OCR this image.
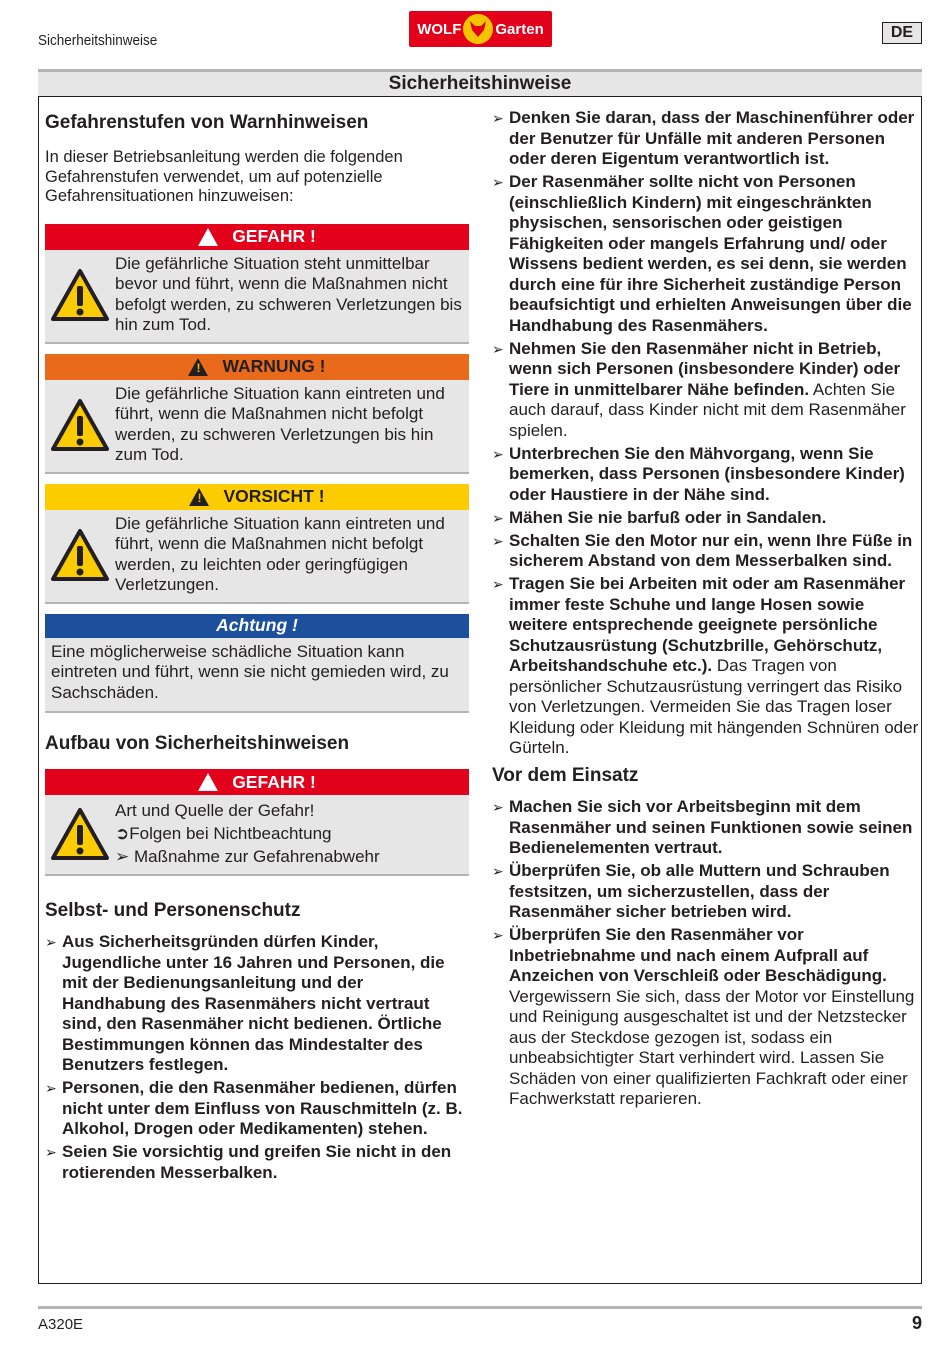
Sicherheitshinweise
WOLF Garten	DE
Sicherheitshinweise
Gefahrenstufen von Warnhinweisen

In dieser Betriebsanleitung werden die folgenden Gefahrenstufen verwendet, um auf potenzielle Gefahrensituationen hinzuweisen:

!
GEFAHR !
Die gefährliche Situation steht unmittelbar bevor und führt, wenn die Maßnahmen nicht befolgt werden, zu schweren Verletzungen bis hin zum Tod.
!
WARNUNG !
Die gefährliche Situation kann eintreten und führt, wenn die Maßnahmen nicht befolgt werden, zu schweren Verletzungen bis hin zum Tod.
!
VORSICHT !
Die gefährliche Situation kann eintreten und führt, wenn die Maßnahmen nicht befolgt werden, zu leichten oder geringfügigen Verletzungen.
Achtung !
Eine möglicherweise schädliche Situation kann eintreten und führt, wenn sie nicht gemieden wird, zu Sachschäden.
Aufbau von Sicherheitshinweisen
!
GEFAHR !
Art und Quelle der Gefahr!
➲Folgen bei Nichtbeachtung
➢ Maßnahme zur Gefahrenabwehr
Selbst- und Personenschutz
➢ Aus Sicherheitsgründen dürfen Kinder, Jugendliche unter 16 Jahren und Personen, die mit der Bedienungsanleitung und der Handhabung des Rasenmähers nicht vertraut sind, den Rasenmäher nicht bedienen. Örtliche Bestimmungen können das Mindestalter des Benutzers festlegen.
➢ Personen, die den Rasenmäher bedienen, dürfen nicht unter dem Einfluss von Rauschmitteln (z. B. Alkohol, Drogen oder Medikamenten) stehen.
➢ Seien Sie vorsichtig und greifen Sie nicht in den rotierenden Messerbalken.
➢ Denken Sie daran, dass der Maschinenführer oder der Benutzer für Unfälle mit anderen Personen oder deren Eigentum verantwortlich ist.
➢ Der Rasenmäher sollte nicht von Personen (einschließlich Kindern) mit eingeschränkten physischen, sensorischen oder geistigen Fähigkeiten oder mangels Erfahrung und/ oder Wissens bedient werden, es sei denn, sie werden durch eine für ihre Sicherheit zuständige Person beaufsichtigt und erhielten Anweisungen über die Handhabung des Rasenmähers.
➢ Nehmen Sie den Rasenmäher nicht in Betrieb, wenn sich Personen (insbesondere Kinder) oder Tiere in unmittelbarer Nähe befinden. Achten Sie auch darauf, dass Kinder nicht mit dem Rasenmäher spielen.
➢ Unterbrechen Sie den Mähvorgang, wenn Sie bemerken, dass Personen (insbesondere Kinder) oder Haustiere in der Nähe sind.
➢ Mähen Sie nie barfuß oder in Sandalen.
➢ Schalten Sie den Motor nur ein, wenn Ihre Füße in sicherem Abstand von dem Messerbalken sind.
➢ Tragen Sie bei Arbeiten mit oder am Rasenmäher immer feste Schuhe und lange Hosen sowie weitere entsprechende geeignete persönliche Schutzausrüstung (Schutzbrille, Gehörschutz, Arbeitshandschuhe etc.). Das Tragen von persönlicher Schutzausrüstung verringert das Risiko von Verletzungen. Vermeiden Sie das Tragen loser Kleidung oder Kleidung mit hängenden Schnüren oder Gürteln.
Vor dem Einsatz
➢ Machen Sie sich vor Arbeitsbeginn mit dem Rasenmäher und seinen Funktionen sowie seinen Bedienelementen vertraut.
➢ Überprüfen Sie, ob alle Muttern und Schrauben festsitzen, um sicherzustellen, dass der Rasenmäher sicher betrieben wird.
➢ Überprüfen Sie den Rasenmäher vor Inbetriebnahme und nach einem Aufprall auf Anzeichen von Verschleiß oder Beschädigung. Vergewissern Sie sich, dass der Motor vor Einstellung und Reinigung ausgeschaltet ist und der Netzstecker aus der Steckdose gezogen ist, sodass ein unbeabsichtigter Start verhindert wird. Lassen Sie Schäden von einer qualifizierten Fachkraft oder einer Fachwerkstatt reparieren.
A320E	9
